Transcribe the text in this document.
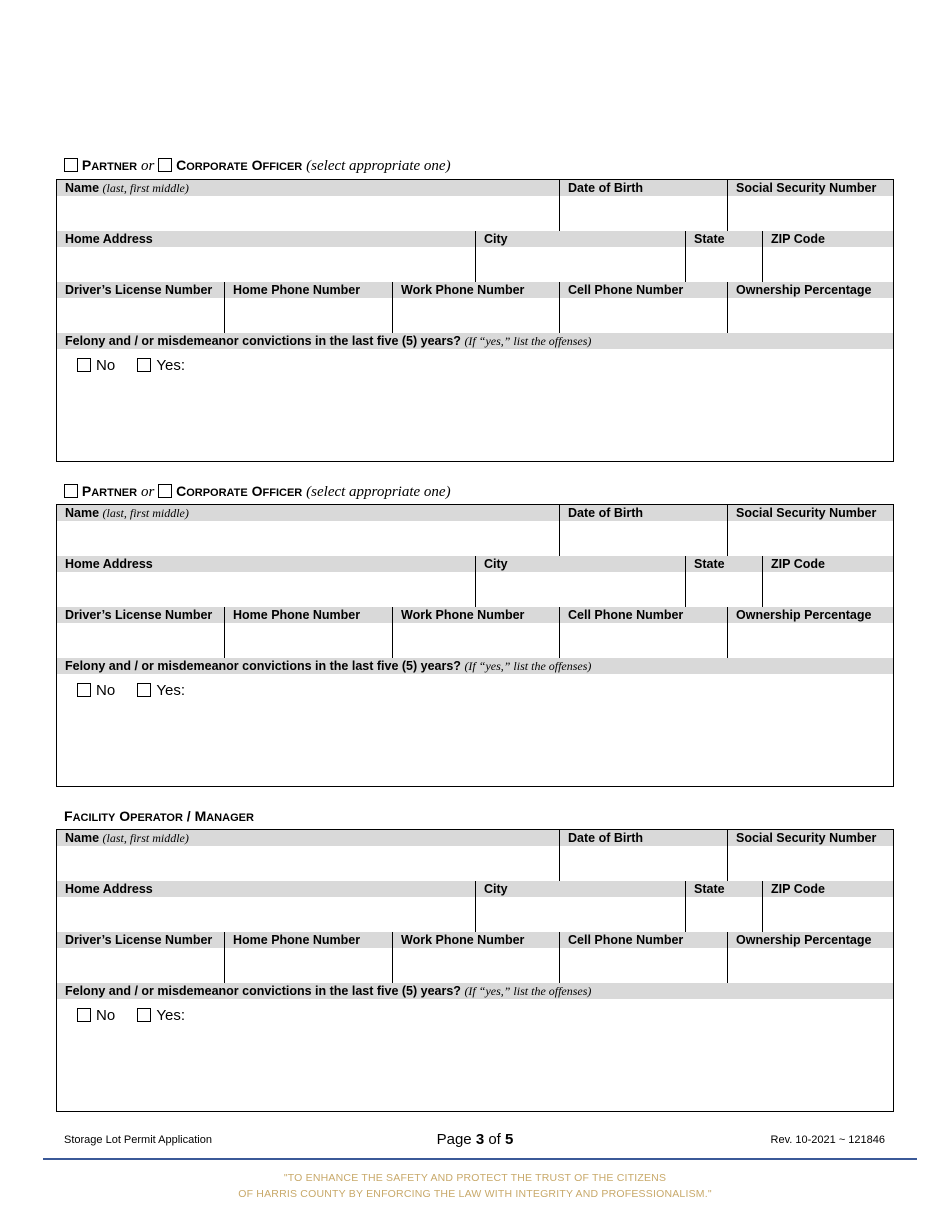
PARTNER or CORPORATE OFFICER (select appropriate one)
Name (last, first middle)	Date of Birth	Social Security Number
Home Address	City	State	ZIP Code
Driver’s License Number	Home Phone Number	Work Phone Number	Cell Phone Number	Ownership Percentage
Felony and / or misdemeanor convictions in the last five (5) years? (If “yes,” list the offenses)
No	Yes:
PARTNER or CORPORATE OFFICER (select appropriate one)
Name (last, first middle)	Date of Birth	Social Security Number
Home Address	City	State	ZIP Code
Driver’s License Number	Home Phone Number	Work Phone Number	Cell Phone Number	Ownership Percentage
Felony and / or misdemeanor convictions in the last five (5) years? (If “yes,” list the offenses)
No	Yes:
FACILITY OPERATOR / MANAGER
Name (last, first middle)	Date of Birth	Social Security Number
Home Address	City	State	ZIP Code
Driver’s License Number	Home Phone Number	Work Phone Number	Cell Phone Number	Ownership Percentage
Felony and / or misdemeanor convictions in the last five (5) years? (If “yes,” list the offenses)
No	Yes:
Storage Lot Permit Application	Page 3 of 5	Rev. 10-2021 ~ 121846
"TO ENHANCE THE SAFETY AND PROTECT THE TRUST OF THE CITIZENS
OF HARRIS COUNTY BY ENFORCING THE LAW WITH INTEGRITY AND PROFESSIONALISM."
